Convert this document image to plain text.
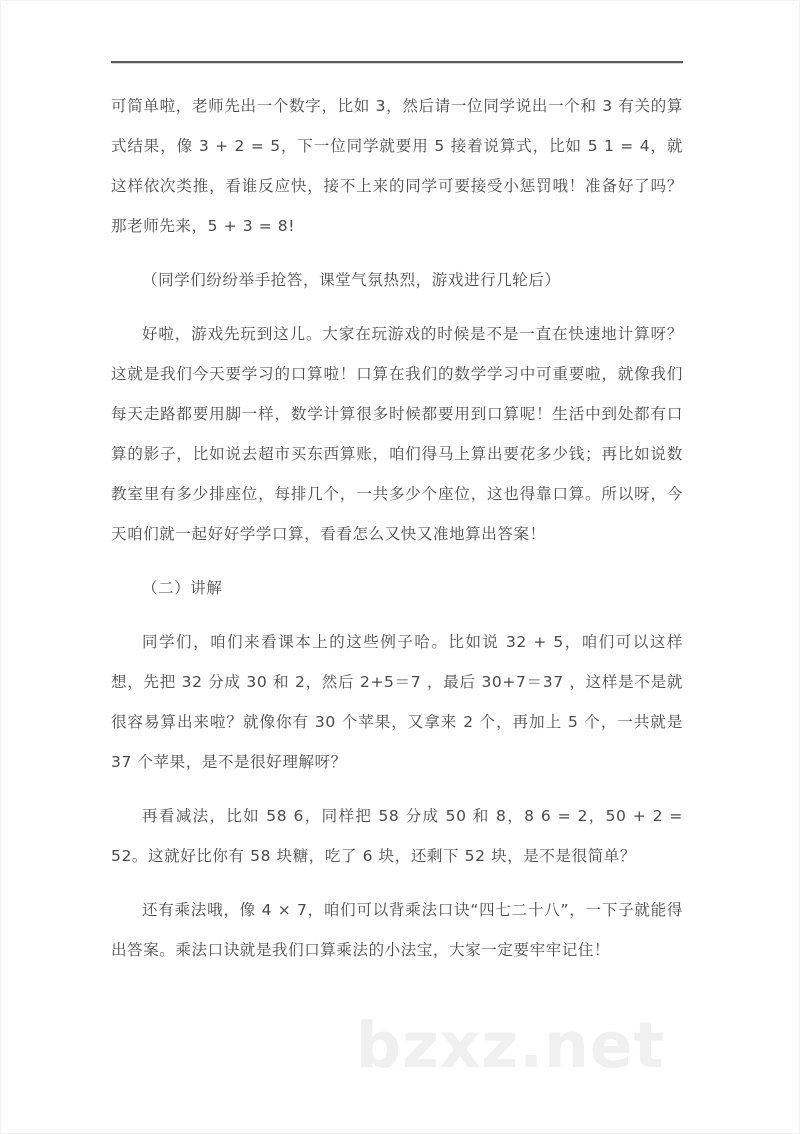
可简单啦，老师先出一个数字，比如 3，然后请一位同学说出一个和 3 有关的算式结果，像 3 + 2 = 5，下一位同学就要用 5 接着说算式，比如 5 1 = 4，就这样依次类推，看谁反应快，接不上来的同学可要接受小惩罚哦！准备好了吗？那老师先来，5 + 3 = 8!

（同学们纷纷举手抢答，课堂气氛热烈，游戏进行几轮后）

好啦，游戏先玩到这儿。大家在玩游戏的时候是不是一直在快速地计算呀？这就是我们今天要学习的口算啦！口算在我们的数学学习中可重要啦，就像我们每天走路都要用脚一样，数学计算很多时候都要用到口算呢！生活中到处都有口算的影子，比如说去超市买东西算账，咱们得马上算出要花多少钱；再比如说数教室里有多少排座位，每排几个，一共多少个座位，这也得靠口算。所以呀，今天咱们就一起好好学学口算，看看怎么又快又准地算出答案！

（二）讲解

同学们，咱们来看课本上的这些例子哈。比如说 32 + 5，咱们可以这样想，先把 32 分成 30 和 2，然后 2+5＝7 ，最后 30+7＝37 ，这样是不是就很容易算出来啦？就像你有 30 个苹果，又拿来 2 个，再加上 5 个，一共就是 37 个苹果，是不是很好理解呀？

再看减法，比如 58 6，同样把 58 分成 50 和 8，8 6 = 2，50 + 2 = 52。这就好比你有 58 块糖，吃了 6 块，还剩下 52 块，是不是很简单？

还有乘法哦，像 4 × 7，咱们可以背乘法口诀“四七二十八”，一下子就能得出答案。乘法口诀就是我们口算乘法的小法宝，大家一定要牢牢记住！

bzxz.net
